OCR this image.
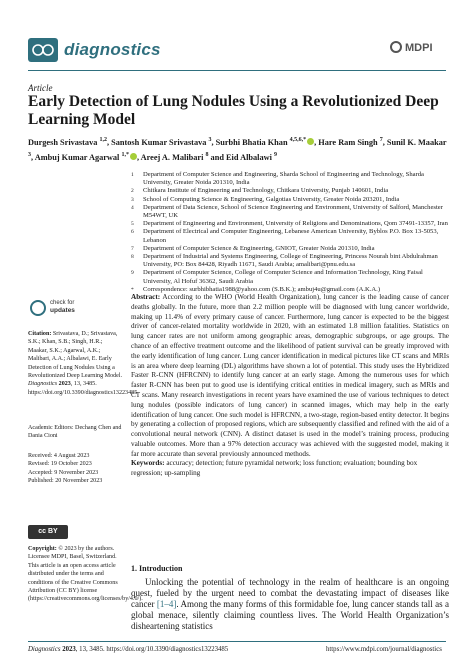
diagnostics	MDPI
Article
Early Detection of Lung Nodules Using a Revolutionized Deep Learning Model
Durgesh Srivastava $^{1,2}$, Santosh Kumar Srivastava $^3$, Surbhi Bhatia Khan $^{4,5,6,*}$ , Hare Ram Singh $^7$, Sunil K. Maakar $^3$, Ambuj Kumar Agarwal $^{1,*}$ , Areej A. Malibari $^8$ and Eid Albalawi $^9$
1	Department of Computer Science and Engineering, Sharda School of Engineering and Technology, Sharda University, Greater Noida 201310, India
2	Chitkara Institute of Engineering and Technology, Chitkara University, Punjab 140601, India
3	School of Computing Science & Engineering, Galgotias University, Greater Noida 203201, India
4	Department of Data Science, School of Science Engineering and Environment, University of Salford, Manchester M54WT, UK
5	Department of Engineering and Environment, University of Religions and Denominations, Qom 37491-13357, Iran
6	Department of Electrical and Computer Engineering, Lebanese American University, Byblos P.O. Box 13-5053, Lebanon
7	Department of Computer Science & Engineering, GNIOT, Greater Noida 201310, India
8	Department of Industrial and Systems Engineering, College of Engineering, Princess Nourah bint Abdulrahman University, PO: Box 84428, Riyadh 11671, Saudi Arabia; amalibari@pnu.edu.sa
9	Department of Computer Science, College of Computer Science and Information Technology, King Faisal University, Al Hofuf 36362, Saudi Arabia
*	Correspondence: surbhibhatia1988@yahoo.com (S.B.K.); ambuj4u@gmail.com (A.K.A.)
Abstract: According to the WHO (World Health Organization), lung cancer is the leading cause of cancer deaths globally. In the future, more than 2.2 million people will be diagnosed with lung cancer worldwide, making up 11.4% of every primary cause of cancer. Furthermore, lung cancer is expected to be the biggest driver of cancer-related mortality worldwide in 2020, with an estimated 1.8 million fatalities. Statistics on lung cancer rates are not uniform among geographic areas, demographic subgroups, or age groups. The chance of an effective treatment outcome and the likelihood of patient survival can be greatly improved with the early identification of lung cancer. Lung cancer identification in medical pictures like CT scans and MRIs is an area where deep learning (DL) algorithms have shown a lot of potential. This study uses the Hybridized Faster R-CNN (HFRCNN) to identify lung cancer at an early stage. Among the numerous uses for which faster R-CNN has been put to good use is identifying critical entities in medical imagery, such as MRIs and CT scans. Many research investigations in recent years have examined the use of various techniques to detect lung nodules (possible indicators of lung cancer) in scanned images, which may help in the early identification of lung cancer. One such model is HFRCNN, a two-stage, region-based entity detector. It begins by generating a collection of proposed regions, which are subsequently classified and refined with the aid of a convolutional neural network (CNN). A distinct dataset is used in the model’s training process, producing valuable outcomes. More than a 97% detection accuracy was achieved with the suggested model, making it far more accurate than several previously announced methods.
Keywords: accuracy; detection; future pyramidal network; loss function; evaluation; bounding box regression; up-sampling
1. Introduction
Unlocking the potential of technology in the realm of healthcare is an ongoing quest, fueled by the urgent need to combat the devastating impact of diseases like cancer [1–4]. Among the many forms of this formidable foe, lung cancer stands tall as a global menace, silently claiming countless lives. The World Health Organization’s disheartening statistics
check for
updates
Citation: Srivastava, D.; Srivastava, S.K.; Khan, S.B.; Singh, H.R.; Maakar, S.K.; Agarwal, A.K.; Malibari, A.A.; Albalawi, E. Early Detection of Lung Nodules Using a Revolutionized Deep Learning Model. Diagnostics 2023, 13, 3485. https://doi.org/10.3390/diagnostics13223485
Academic Editors: Dechang Chen and Dania Cioni
Received: 4 August 2023
Revised: 19 October 2023
Accepted: 9 November 2023
Published: 20 November 2023
cc BY
Copyright: © 2023 by the authors. Licensee MDPI, Basel, Switzerland. This article is an open access article distributed under the terms and conditions of the Creative Commons Attribution (CC BY) license (https://creativecommons.org/licenses/by/4.0/).
Diagnostics 2023, 13, 3485. https://doi.org/10.3390/diagnostics13223485	https://www.mdpi.com/journal/diagnostics
